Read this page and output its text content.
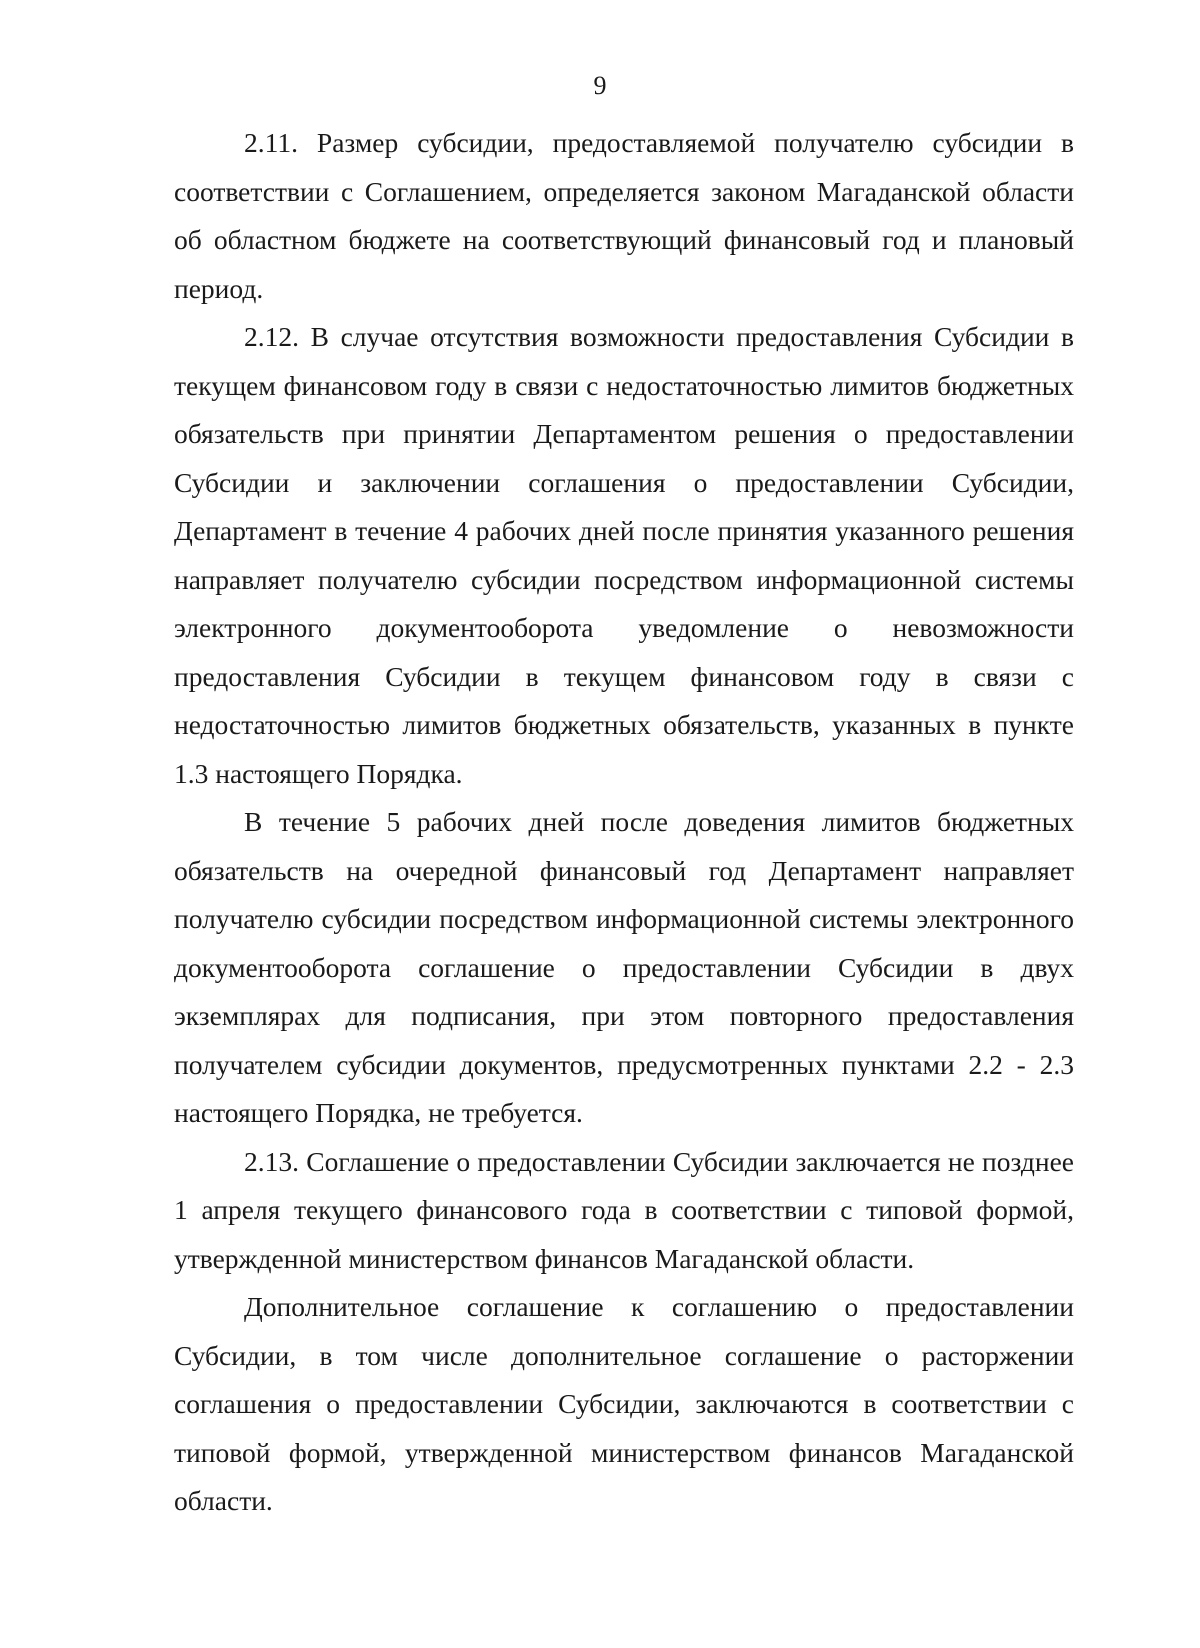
9

2.11. Размер субсидии, предоставляемой получателю субсидии в соответствии с Соглашением, определяется законом Магаданской области об областном бюджете на соответствующий финансовый год и плановый период.

2.12. В случае отсутствия возможности предоставления Субсидии в текущем финансовом году в связи с недостаточностью лимитов бюджетных обязательств при принятии Департаментом решения о предоставлении Субсидии и заключении соглашения о предоставлении Субсидии, Департамент в течение 4 рабочих дней после принятия указанного решения направляет получателю субсидии посредством информационной системы электронного документооборота уведомление о невозможности предоставления Субсидии в текущем финансовом году в связи с недостаточностью лимитов бюджетных обязательств, указанных в пункте 1.3 настоящего Порядка.

В течение 5 рабочих дней после доведения лимитов бюджетных обязательств на очередной финансовый год Департамент направляет получателю субсидии посредством информационной системы электронного документооборота соглашение о предоставлении Субсидии в двух экземплярах для подписания, при этом повторного предоставления получателем субсидии документов, предусмотренных пунктами 2.2 - 2.3 настоящего Порядка, не требуется.

2.13. Соглашение о предоставлении Субсидии заключается не позднее 1 апреля текущего финансового года в соответствии с типовой формой, утвержденной министерством финансов Магаданской области.

Дополнительное соглашение к соглашению о предоставлении Субсидии, в том числе дополнительное соглашение о расторжении соглашения о предоставлении Субсидии, заключаются в соответствии с типовой формой, утвержденной министерством финансов Магаданской области.
